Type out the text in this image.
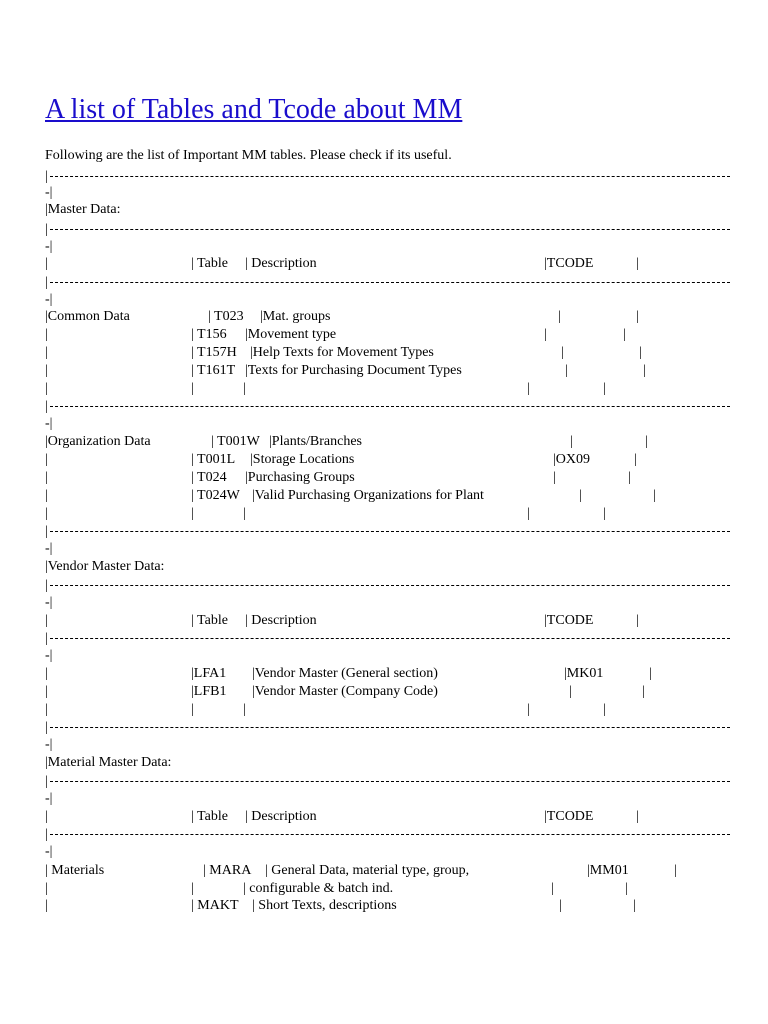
A list of Tables and Tcode about MM
Following are the list of Important MM tables. Please check if its useful.
|
-|
|Master Data:
|
-|
|	| Table | Description	|TCODE	|
|
-|
|Common Data	| T023 |Mat. groups	|	|
|	| T156 |Movement type	|	|
|	| T157H |Help Texts for Movement Types	|	|
|	| T161T |Texts for Purchasing Document Types	|	|
|	|	|	|	|
|
-|
|Organization Data	| T001W |Plants/Branches	|	|
|	| T001L |Storage Locations	|OX09	|
|	| T024 |Purchasing Groups	|	|
|	| T024W |Valid Purchasing Organizations for Plant	|	|
|	|	|	|	|
|
-|
|Vendor Master Data:
|
-|
|	| Table | Description	|TCODE	|
|
-|
|	|LFA1 |Vendor Master (General section)	|MK01	|
|	|LFB1 |Vendor Master (Company Code)	|	|
|	|	|	|	|
|
-|
|Material Master Data:
|
-|
|	| Table | Description	|TCODE	|
|
-|
| Materials	| MARA | General Data, material type, group,	|MM01	|
|	|	| configurable & batch ind.	|	|
|	| MAKT | Short Texts, descriptions	|	|
